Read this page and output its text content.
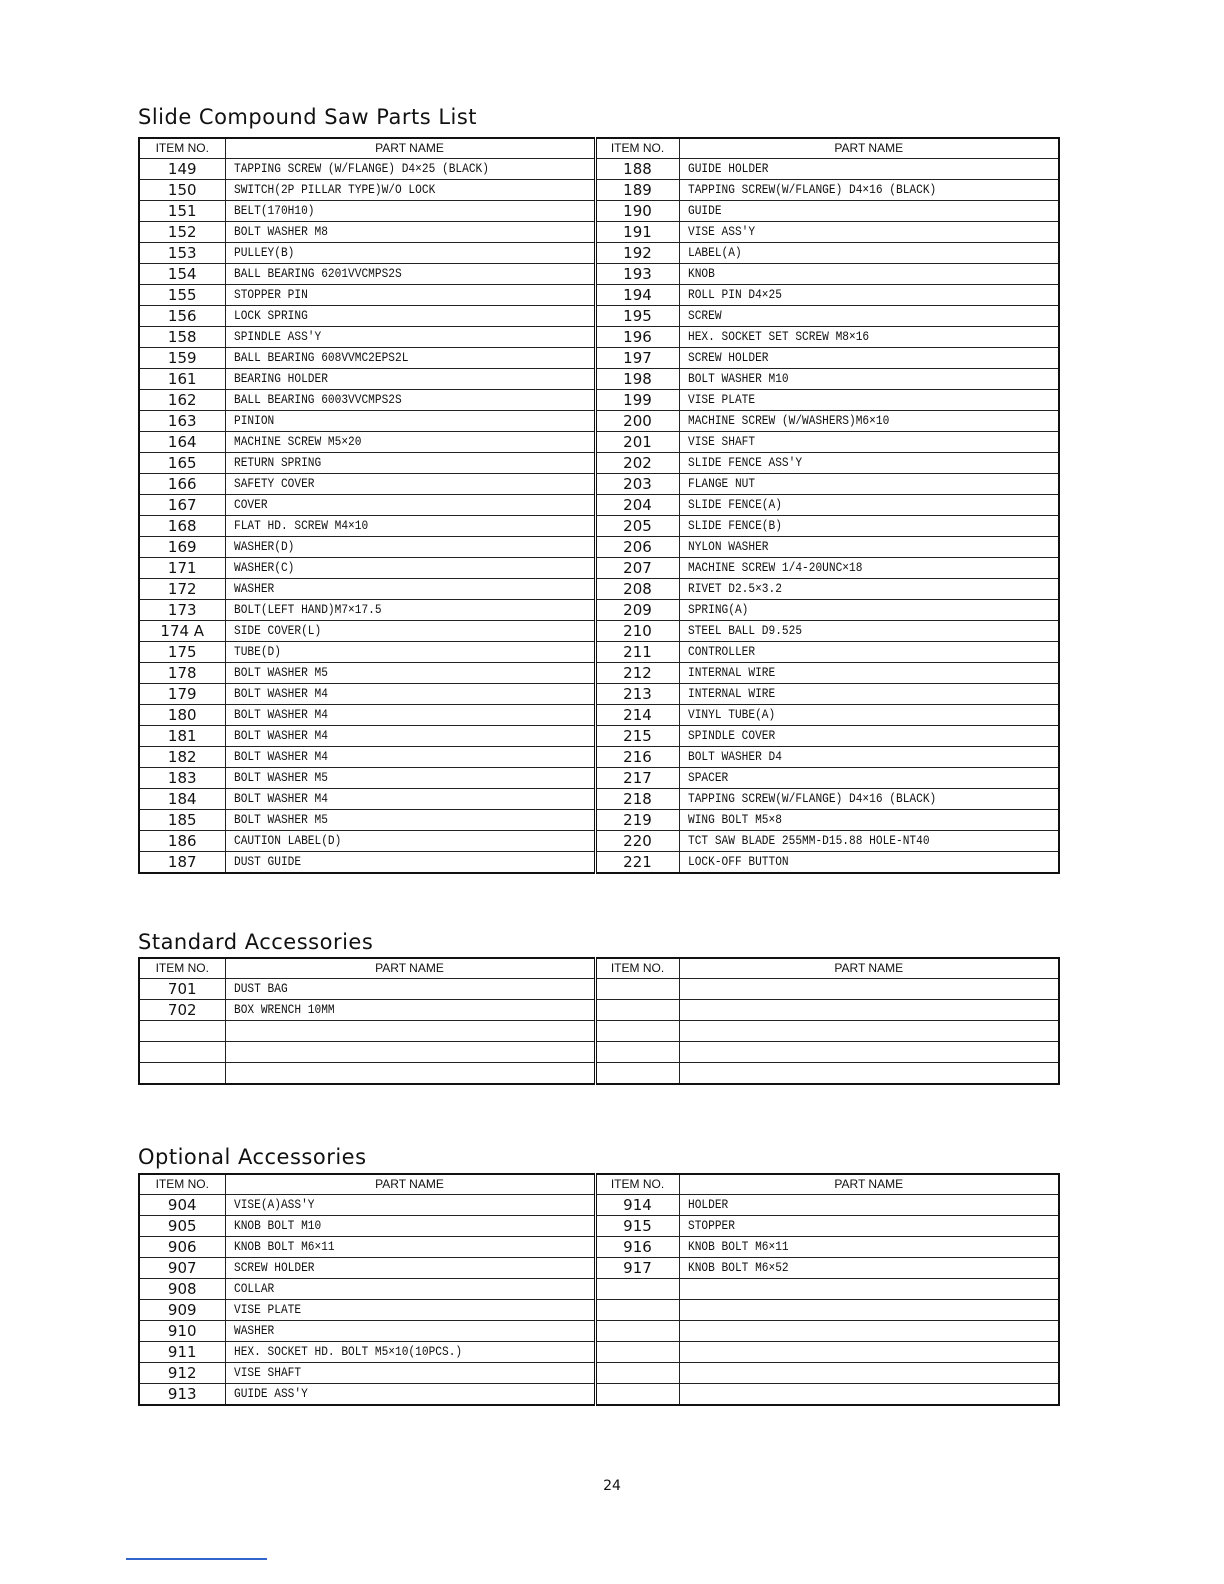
Slide Compound Saw Parts List
ITEM NO.	PART NAME	ITEM NO.	PART NAME
149	TAPPING SCREW (W/FLANGE) D4×25 (BLACK)	188	GUIDE HOLDER
150	SWITCH(2P PILLAR TYPE)W/O LOCK	189	TAPPING SCREW(W/FLANGE) D4×16 (BLACK)
151	BELT(170H10)	190	GUIDE
152	BOLT WASHER M8	191	VISE ASS'Y
153	PULLEY(B)	192	LABEL(A)
154	BALL BEARING 6201VVCMPS2S	193	KNOB
155	STOPPER PIN	194	ROLL PIN D4×25
156	LOCK SPRING	195	SCREW
158	SPINDLE ASS'Y	196	HEX. SOCKET SET SCREW M8×16
159	BALL BEARING 608VVMC2EPS2L	197	SCREW HOLDER
161	BEARING HOLDER	198	BOLT WASHER M10
162	BALL BEARING 6003VVCMPS2S	199	VISE PLATE
163	PINION	200	MACHINE SCREW (W/WASHERS)M6×10
164	MACHINE SCREW M5×20	201	VISE SHAFT
165	RETURN SPRING	202	SLIDE FENCE ASS'Y
166	SAFETY COVER	203	FLANGE NUT
167	COVER	204	SLIDE FENCE(A)
168	FLAT HD. SCREW M4×10	205	SLIDE FENCE(B)
169	WASHER(D)	206	NYLON WASHER
171	WASHER(C)	207	MACHINE SCREW 1/4-20UNC×18
172	WASHER	208	RIVET D2.5×3.2
173	BOLT(LEFT HAND)M7×17.5	209	SPRING(A)
174 A	SIDE COVER(L)	210	STEEL BALL D9.525
175	TUBE(D)	211	CONTROLLER
178	BOLT WASHER M5	212	INTERNAL WIRE
179	BOLT WASHER M4	213	INTERNAL WIRE
180	BOLT WASHER M4	214	VINYL TUBE(A)
181	BOLT WASHER M4	215	SPINDLE COVER
182	BOLT WASHER M4	216	BOLT WASHER D4
183	BOLT WASHER M5	217	SPACER
184	BOLT WASHER M4	218	TAPPING SCREW(W/FLANGE) D4×16 (BLACK)
185	BOLT WASHER M5	219	WING BOLT M5×8
186	CAUTION LABEL(D)	220	TCT SAW BLADE 255MM-D15.88 HOLE-NT40
187	DUST GUIDE	221	LOCK-OFF BUTTON
Standard Accessories
ITEM NO.	PART NAME	ITEM NO.	PART NAME
701	DUST BAG		
702	BOX WRENCH 10MM		

Optional Accessories
ITEM NO.	PART NAME	ITEM NO.	PART NAME
904	VISE(A)ASS'Y	914	HOLDER
905	KNOB BOLT M10	915	STOPPER
906	KNOB BOLT M6×11	916	KNOB BOLT M6×11
907	SCREW HOLDER	917	KNOB BOLT M6×52
908	COLLAR		
909	VISE PLATE		
910	WASHER		
911	HEX. SOCKET HD. BOLT M5×10(10PCS.)		
912	VISE SHAFT		
913	GUIDE ASS'Y		
24
